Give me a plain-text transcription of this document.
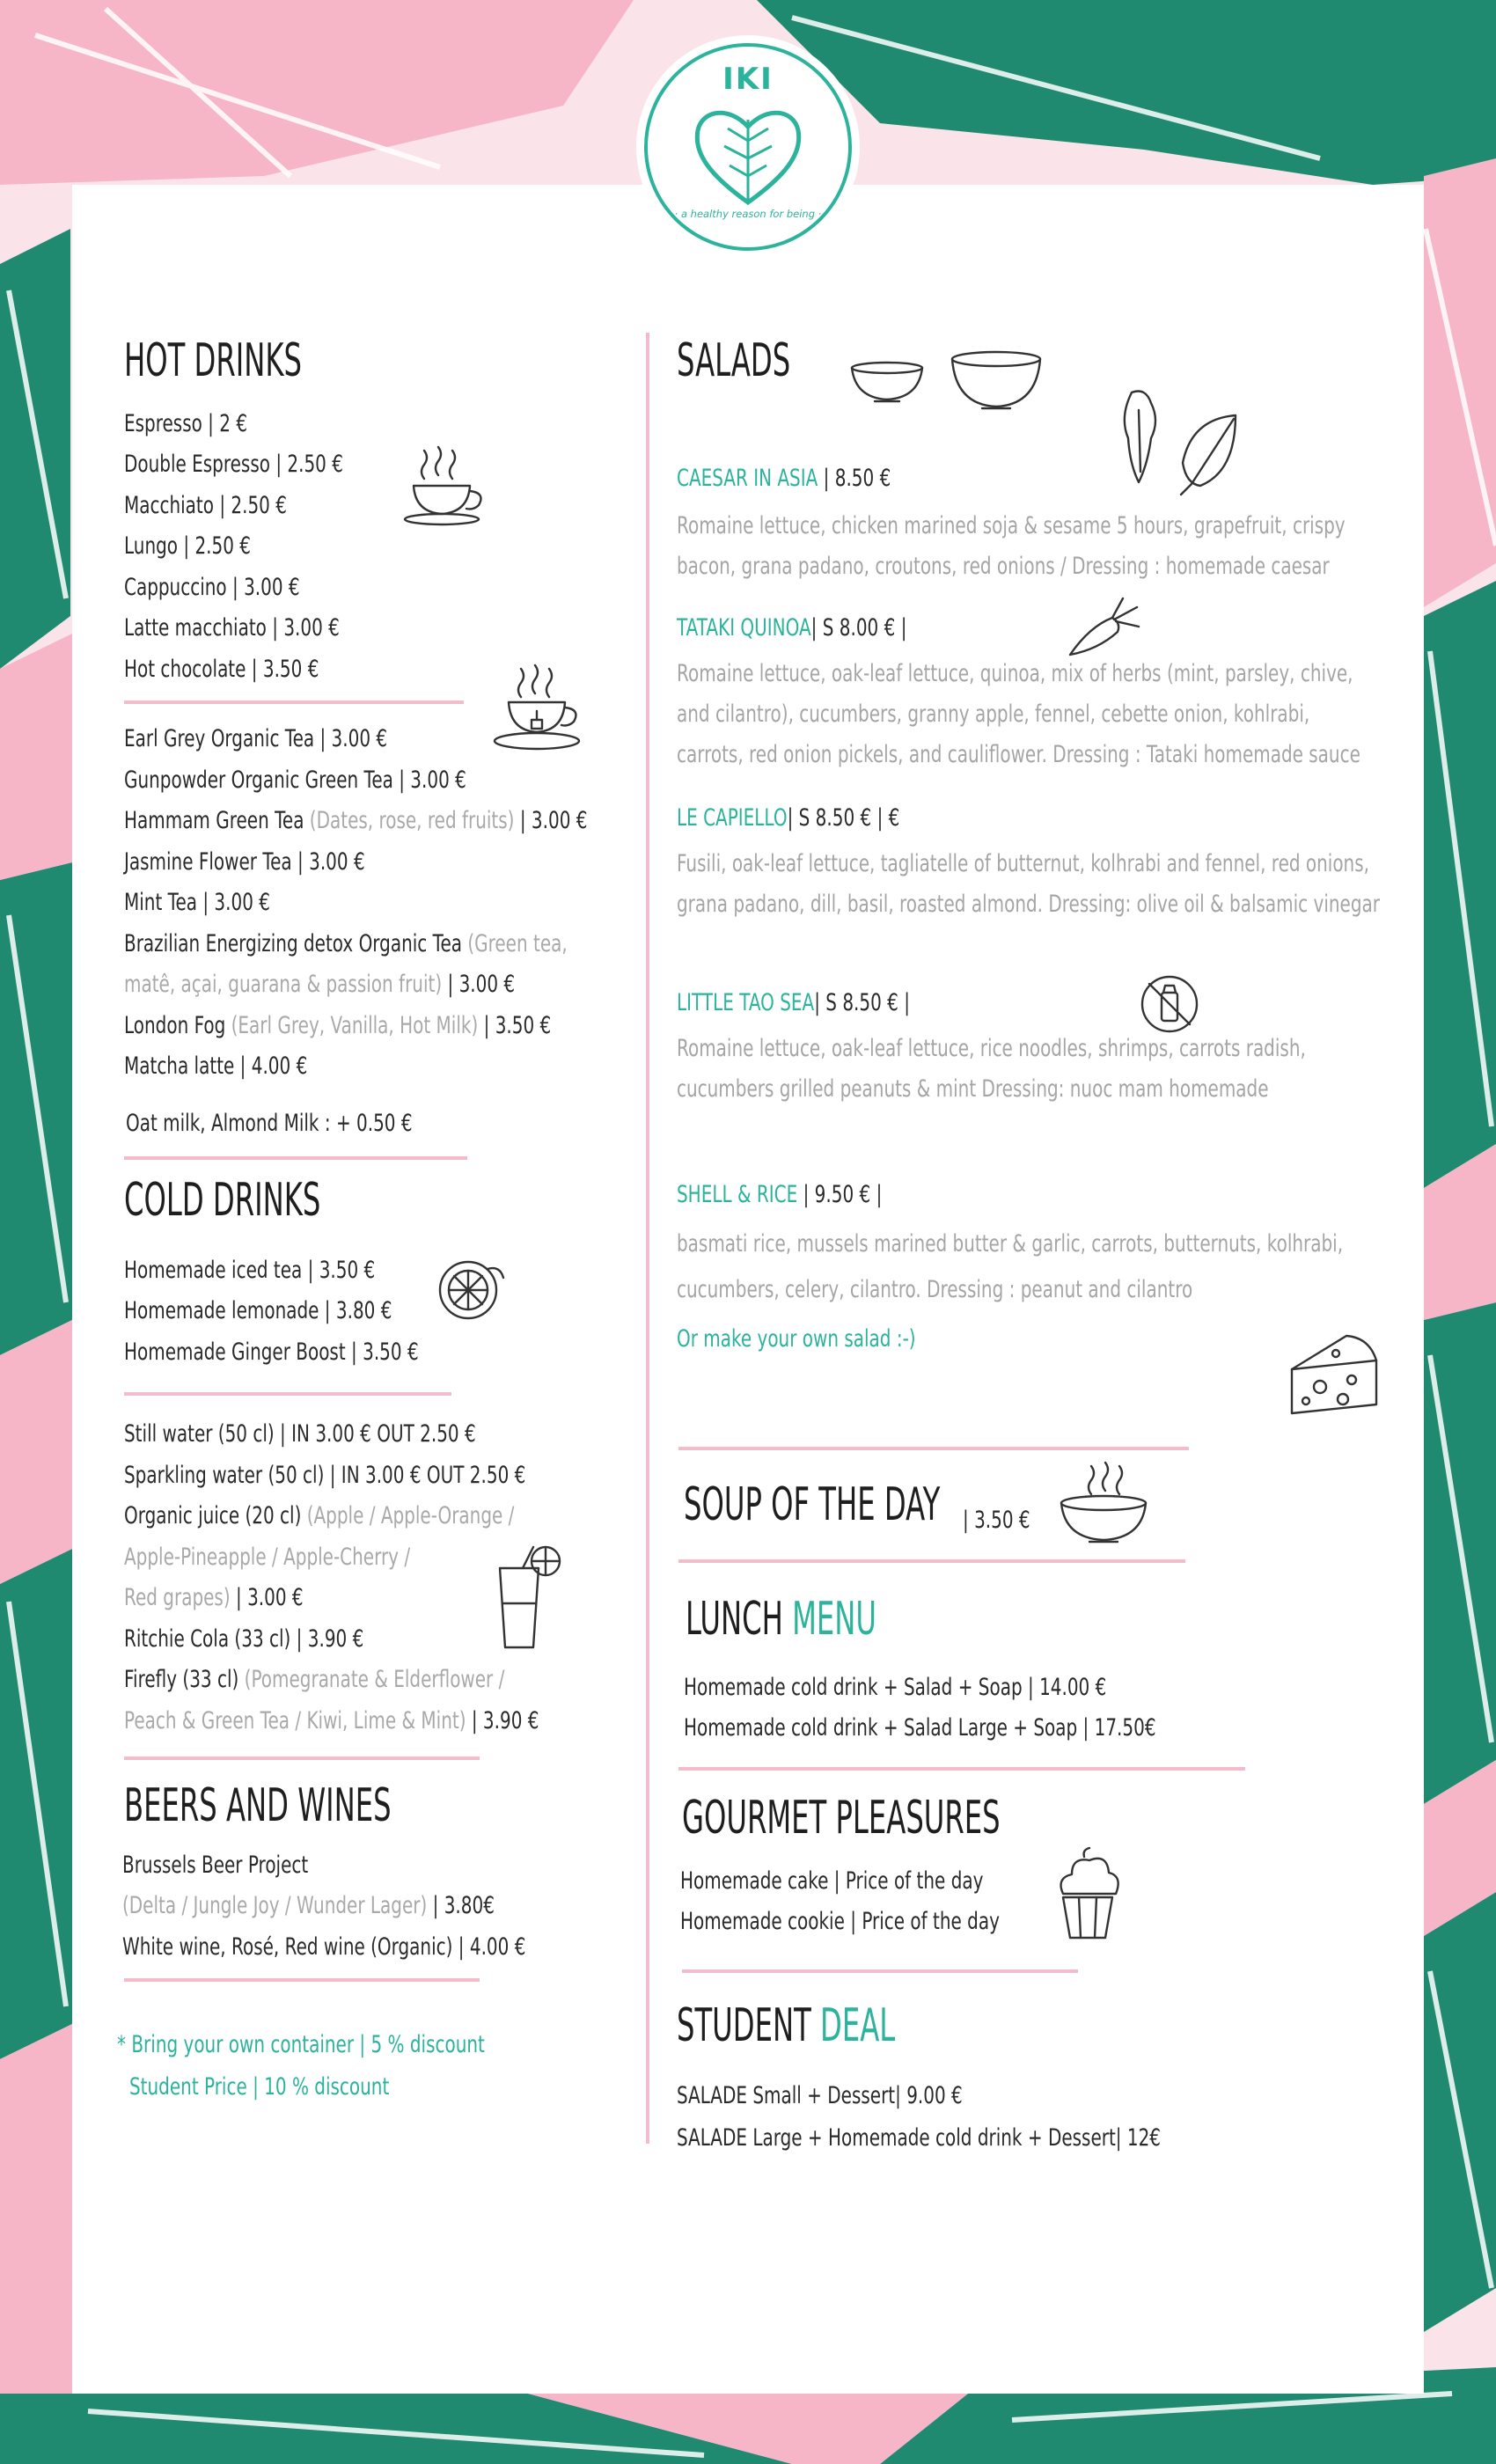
IKI
· a healthy reason for being ·
HOT DRINKS
Espresso | 2 €
Double Espresso | 2.50 €
Macchiato | 2.50 €
Lungo | 2.50 €
Cappuccino | 3.00 €
Latte macchiato | 3.00 €
Hot chocolate | 3.50 €
Earl Grey Organic Tea | 3.00 €
Gunpowder Organic Green Tea | 3.00 €
Hammam Green Tea (Dates, rose, red fruits) | 3.00 €
Jasmine Flower Tea | 3.00 €
Mint Tea | 3.00 €
Brazilian Energizing detox Organic Tea (Green tea,
matê, açai, guarana & passion fruit) | 3.00 €
London Fog (Earl Grey, Vanilla, Hot Milk) | 3.50 €
Matcha latte | 4.00 €
Oat milk, Almond Milk : + 0.50 €
COLD DRINKS
Homemade iced tea | 3.50 €
Homemade lemonade | 3.80 €
Homemade Ginger Boost | 3.50 €
Still water (50 cl) | IN 3.00 € OUT 2.50 €
Sparkling water (50 cl) | IN 3.00 € OUT 2.50 €
Organic juice (20 cl) (Apple / Apple-Orange /
Apple-Pineapple / Apple-Cherry /
Red grapes) | 3.00 €
Ritchie Cola (33 cl) | 3.90 €
Firefly (33 cl) (Pomegranate & Elderflower /
Peach & Green Tea / Kiwi, Lime & Mint) | 3.90 €
BEERS AND WINES
Brussels Beer Project
(Delta / Jungle Joy / Wunder Lager) | 3.80€
White wine, Rosé, Red wine (Organic) | 4.00 €
* Bring your own container | 5 % discount
Student Price | 10 % discount
SALADS
CAESAR IN ASIA | 8.50 €
Romaine lettuce, chicken marined soja & sesame 5 hours, grapefruit, crispy
bacon, grana padano, croutons, red onions / Dressing : homemade caesar
TATAKI QUINOA| S 8.00 € |
Romaine lettuce, oak-leaf lettuce, quinoa, mix of herbs (mint, parsley, chive,
and cilantro), cucumbers, granny apple, fennel, cebette onion, kohlrabi,
carrots, red onion pickels, and cauliflower. Dressing : Tataki homemade sauce
LE CAPIELLO| S 8.50 € | €
Fusili, oak-leaf lettuce, tagliatelle of butternut, kolhrabi and fennel, red onions,
grana padano, dill, basil, roasted almond. Dressing: olive oil & balsamic vinegar
LITTLE TAO SEA| S 8.50 € |
Romaine lettuce, oak-leaf lettuce, rice noodles, shrimps, carrots radish,
cucumbers grilled peanuts & mint Dressing: nuoc mam homemade
SHELL & RICE | 9.50 € |
basmati rice, mussels marined butter & garlic, carrots, butternuts, kolhrabi,
cucumbers, celery, cilantro. Dressing : peanut and cilantro
Or make your own salad :-)
SOUP OF THE DAY | 3.50 €
LUNCH MENU
Homemade cold drink + Salad + Soap | 14.00 €
Homemade cold drink + Salad Large + Soap | 17.50€
GOURMET PLEASURES
Homemade cake | Price of the day
Homemade cookie | Price of the day
STUDENT DEAL
SALADE Small + Dessert| 9.00 €
SALADE Large + Homemade cold drink + Dessert| 12€
